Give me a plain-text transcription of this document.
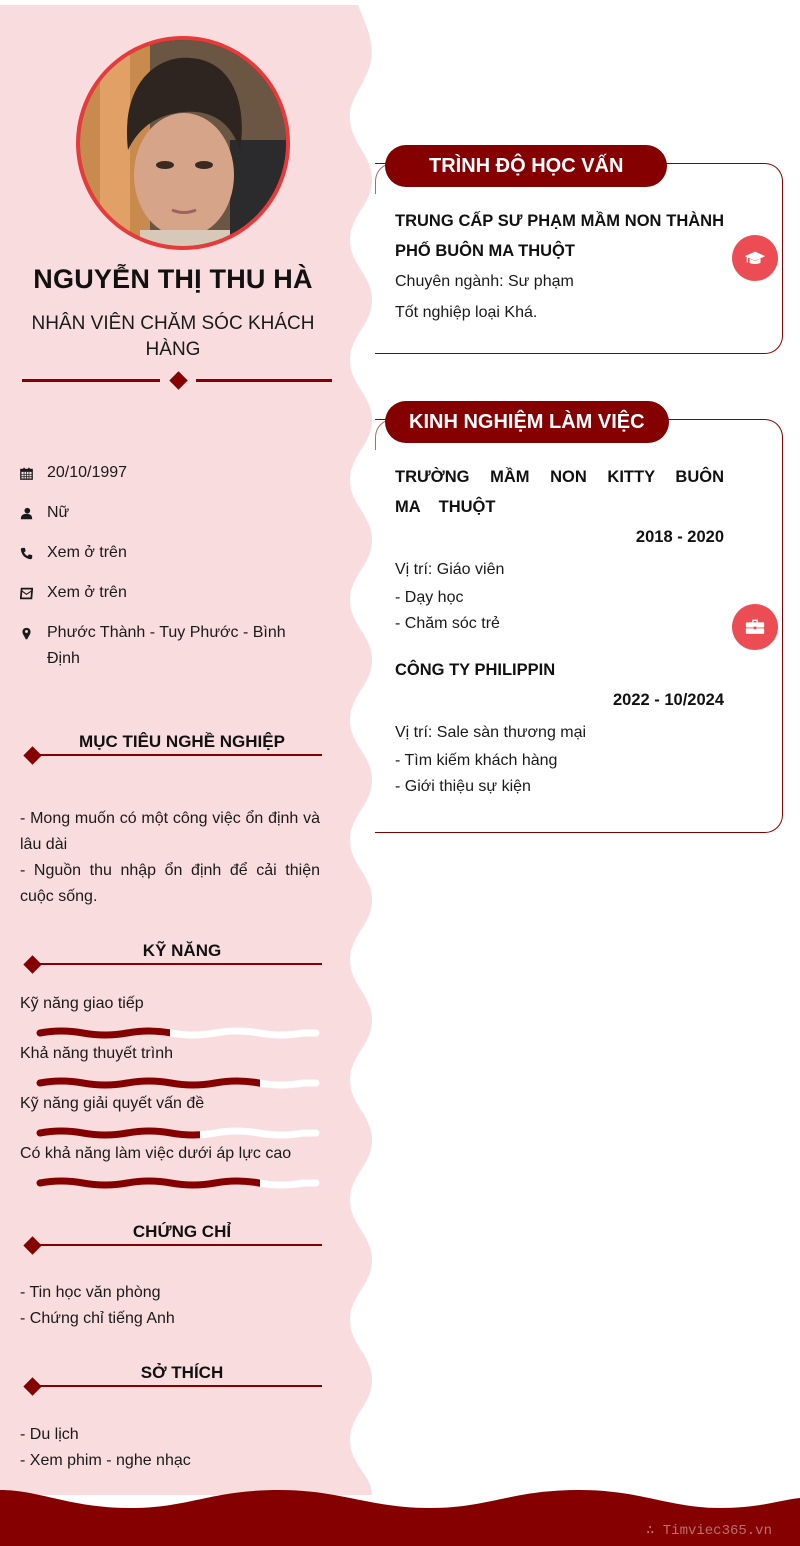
NGUYỄN THỊ THU HÀ
NHÂN VIÊN CHĂM SÓC KHÁCH HÀNG
20/10/1997
Nữ
Xem ở trên
Xem ở trên
Phước Thành - Tuy Phước - Bình Định
MỤC TIÊU NGHỀ NGHIỆP
- Mong muốn có một công việc ổn định và lâu dài
- Nguồn thu nhập ổn định để cải thiện cuộc sống.
KỸ NĂNG
Kỹ năng giao tiếp
Khả năng thuyết trình
Kỹ năng giải quyết vấn đề
Có khả năng làm việc dưới áp lực cao
CHỨNG CHỈ
- Tin học văn phòng
- Chứng chỉ tiếng Anh
SỞ THÍCH
- Du lịch
- Xem phim - nghe nhạc
TRÌNH ĐỘ HỌC VẤN
TRUNG CẤP SƯ PHẠM MẦM NON THÀNH PHỐ BUÔN MA THUỘT
Chuyên ngành: Sư phạm
Tốt nghiệp loại Khá.
KINH NGHIỆM LÀM VIỆC
TRƯỜNG MẦM NON KITTY BUÔN MA THUỘT
2018 - 2020
Vị trí: Giáo viên
- Dạy học
- Chăm sóc trẻ
CÔNG TY PHILIPPIN
2022 - 10/2024
Vị trí: Sale sàn thương mại
- Tìm kiếm khách hàng
- Giới thiệu sự kiện
∴ Timviec365.vn
